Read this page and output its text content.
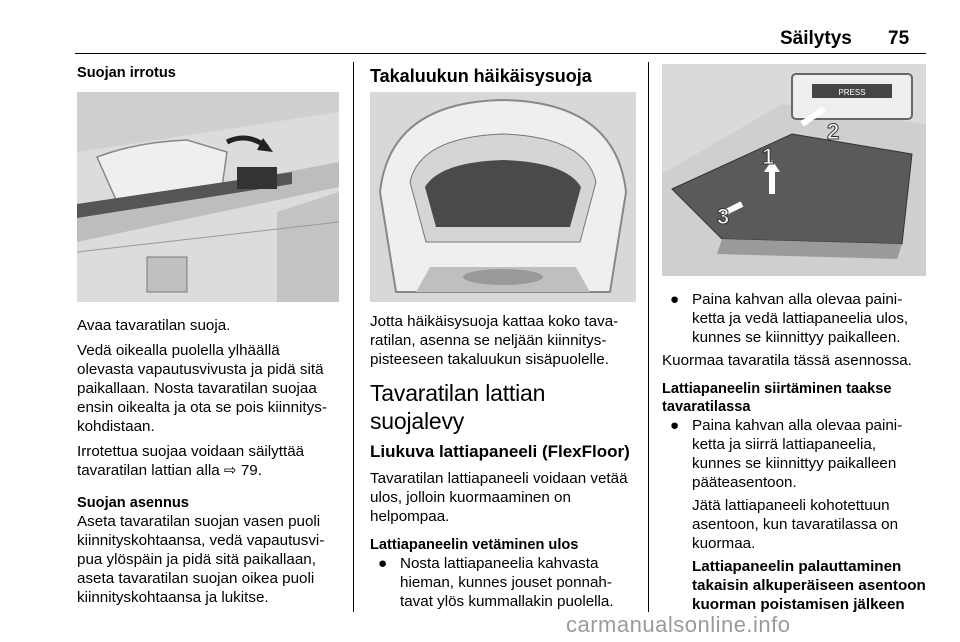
Säilytys 75
Suojan irrotus

Avaa tavaratilan suoja.

Vedä oikealla puolella ylhäällä olevasta vapautusvivusta ja pidä sitä paikallaan. Nosta tavaratilan suojaa ensin oikealta ja ota se pois kiinnityskohdistaan.

Irrotettua suojaa voidaan säilyttää tavaratilan lattian alla ⇨ 79.

Suojan asennus

Aseta tavaratilan suojan vasen puoli kiinnityskohtaansa, vedä vapautusvipua ylöspäin ja pidä sitä paikallaan, aseta tavaratilan suojan oikea puoli kiinnityskohtaansa ja lukitse.

Takaluukun häikäisysuoja

Jotta häikäisysuoja kattaa koko tavaratilan, asenna se neljään kiinnityspisteeseen takaluukun sisäpuolelle.

Tavaratilan lattian suojalevy
Liukuva lattiapaneeli (FlexFloor)

Tavaratilan lattiapaneeli voidaan vetää ulos, jolloin kuormaaminen on helpompaa.

Lattiapaneelin vetäminen ulos
● Nosta lattiapaneelia kahvasta hieman, kunnes jouset ponnahtavat ylös kummallakin puolella.
PRESS
1
2
3
● Paina kahvan alla olevaa painiketta ja vedä lattiapaneelia ulos, kunnes se kiinnittyy paikalleen.

Kuormaa tavaratila tässä asennossa.

Lattiapaneelin siirtäminen taakse tavaratilassa
● Paina kahvan alla olevaa painiketta ja siirrä lattiapaneelia, kunnes se kiinnittyy paikalleen pääteasentoon.
Jätä lattiapaneeli kohotettuun asentoon, kun tavaratilassa on kuormaa.
Lattiapaneelin palauttaminen takaisin alkuperäiseen asentoon kuorman poistamisen jälkeen
carmanualsonline.info
